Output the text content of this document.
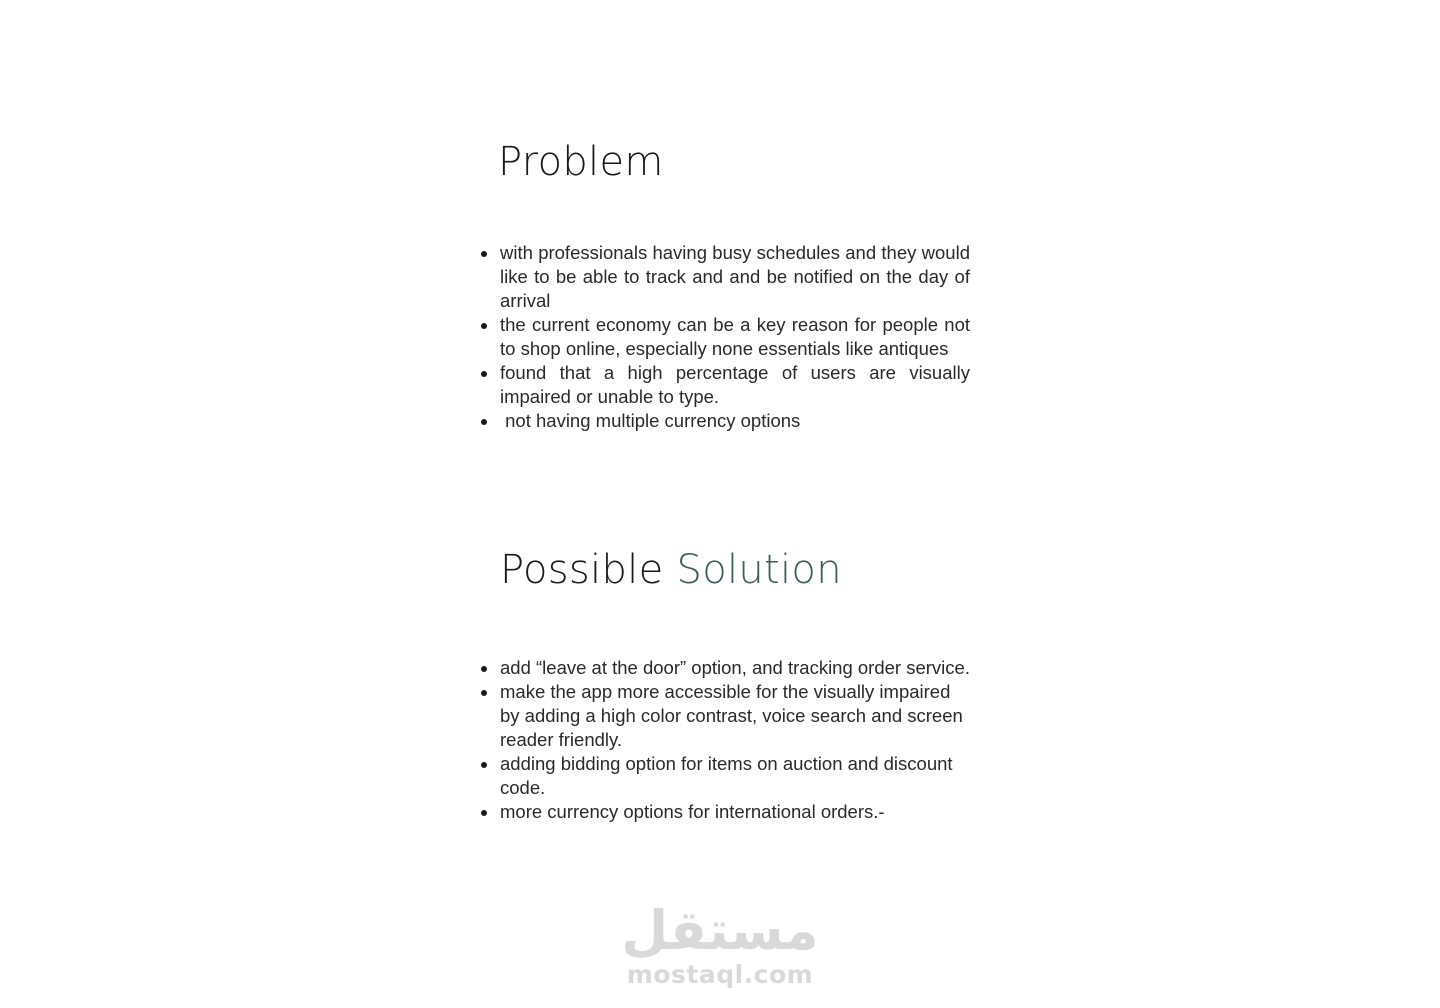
Problem
with professionals having busy schedules and they would like to be able to track and and be notified on the day of arrival
the current economy can be a key reason for people not to shop online, especially none essentials like antiques
found that a high percentage of users are visually impaired or unable to type.
not having multiple currency options
Possible Solution
add “leave at the door” option, and tracking order service.
make the app more accessible for the visually impaired by adding a high color contrast, voice search and screen reader friendly.
adding bidding option for items on auction and discount code.
more currency options for international orders.-
مستقل
mostaql.com
